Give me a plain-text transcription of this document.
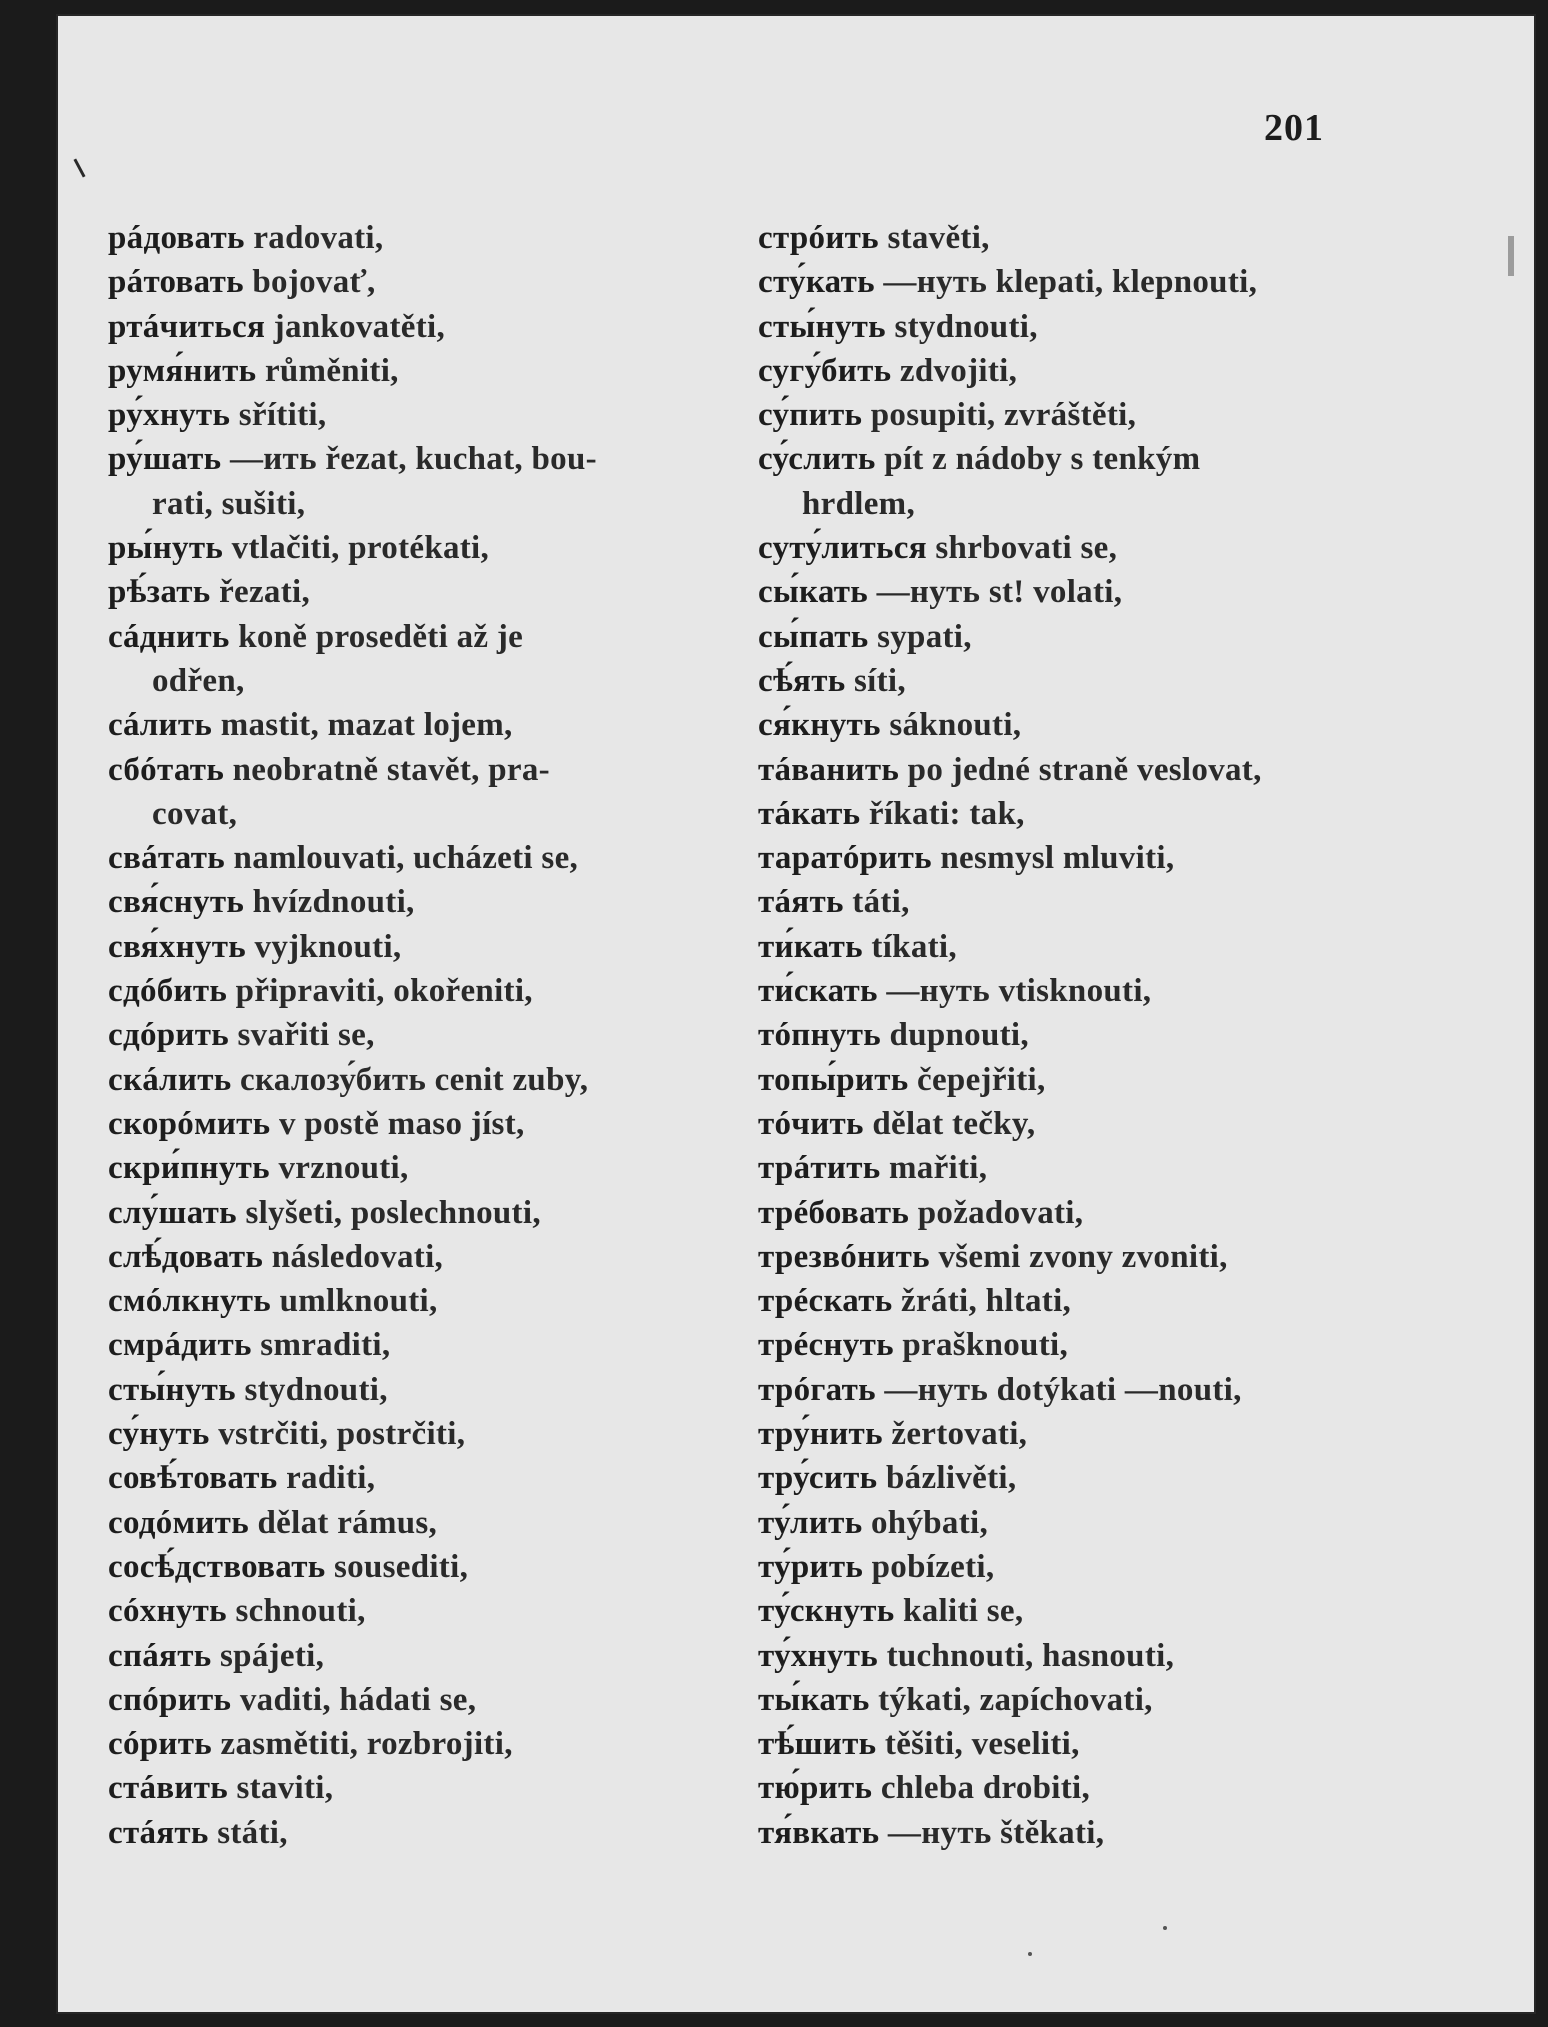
201
рáдовать radovati,
рáтовать bojovať,
ртáчиться jankovatěti,
румя́нить růměniti,
ру́хнуть sřítiti,
ру́шать —ить řezat, kuchat, bou-
rati, sušiti,
ры́нуть vtlačiti, protékati,
рѣ́зать řezati,
сáднить koně proseděti až je
odřen,
сáлить mastit, mazat lojem,
сбóтать neobratně stavět, pra-
covat,
свáтать namlouvati, ucházeti se,
свя́снуть hvízdnouti,
свя́хнуть vyjknouti,
сдóбить připraviti, okořeniti,
сдóрить svařiti se,
скáлить скалозу́бить cenit zuby,
скорóмить v postě maso jíst,
скри́пнуть vrznouti,
слу́шать slyšeti, poslechnouti,
слѣ́довать následovati,
смóлкнуть umlknouti,
смрáдить smraditi,
сты́нуть stydnouti,
су́нуть vstrčiti, postrčiti,
совѣ́товать raditi,
содóмить dělat rámus,
сосѣ́дствовать sousediti,
сóхнуть schnouti,
спáять spájeti,
спóрить vaditi, hádati se,
сóрить zasmětiti, rozbrojiti,
стáвить staviti,
стáять státi,
стрóить stavěti,
сту́кать —нуть klepati, klepnouti,
сты́нуть stydnouti,
сугу́бить zdvojiti,
су́пить posupiti, zvráštěti,
су́слить pít z nádoby s tenkým
hrdlem,
суту́литься shrbovati se,
сы́кать —нуть st! volati,
сы́пать sypati,
сѣ́ять síti,
ся́кнуть sáknouti,
тáванить po jedné straně veslovat,
тáкать říkati: tak,
таратóрить nesmysl mluviti,
тáять táti,
ти́кать tíkati,
ти́скать —нуть vtisknouti,
тóпнуть dupnouti,
топы́рить čepejřiti,
тóчить dělat tečky,
трáтить mařiti,
трéбовать požadovati,
трезвóнить všemi zvony zvoniti,
трéскать žráti, hltati,
трéснуть prašknouti,
трóгать —нуть dotýkati —nouti,
тру́нить žertovati,
тру́сить bázlivěti,
ту́лить ohýbati,
ту́рить pobízeti,
ту́скнуть kaliti se,
ту́хнуть tuchnouti, hasnouti,
ты́кать týkati, zapíchovati,
тѣ́шить těšiti, veseliti,
тю́рить chleba drobiti,
тя́вкать —нуть štěkati,
